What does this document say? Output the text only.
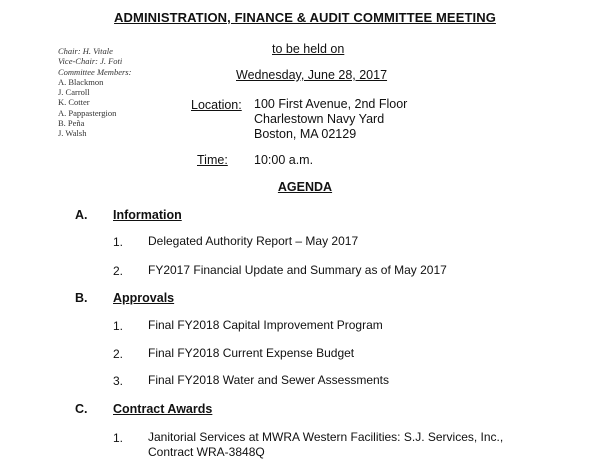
ADMINISTRATION, FINANCE & AUDIT COMMITTEE MEETING
Chair: H. Vitale
Vice-Chair: J. Foti
Committee Members:
A. Blackmon
J. Carroll
K. Cotter
A. Pappastergion
B. Peña
J. Walsh
to be held on
Wednesday, June 28, 2017
Location: 100 First Avenue, 2nd Floor
Charlestown Navy Yard
Boston, MA 02129
Time: 10:00 a.m.
AGENDA
A. Information
1. Delegated Authority Report – May 2017
2. FY2017 Financial Update and Summary as of May 2017
B. Approvals
1. Final FY2018 Capital Improvement Program
2. Final FY2018 Current Expense Budget
3. Final FY2018 Water and Sewer Assessments
C. Contract Awards
1. Janitorial Services at MWRA Western Facilities: S.J. Services, Inc.,
Contract WRA-3848Q
